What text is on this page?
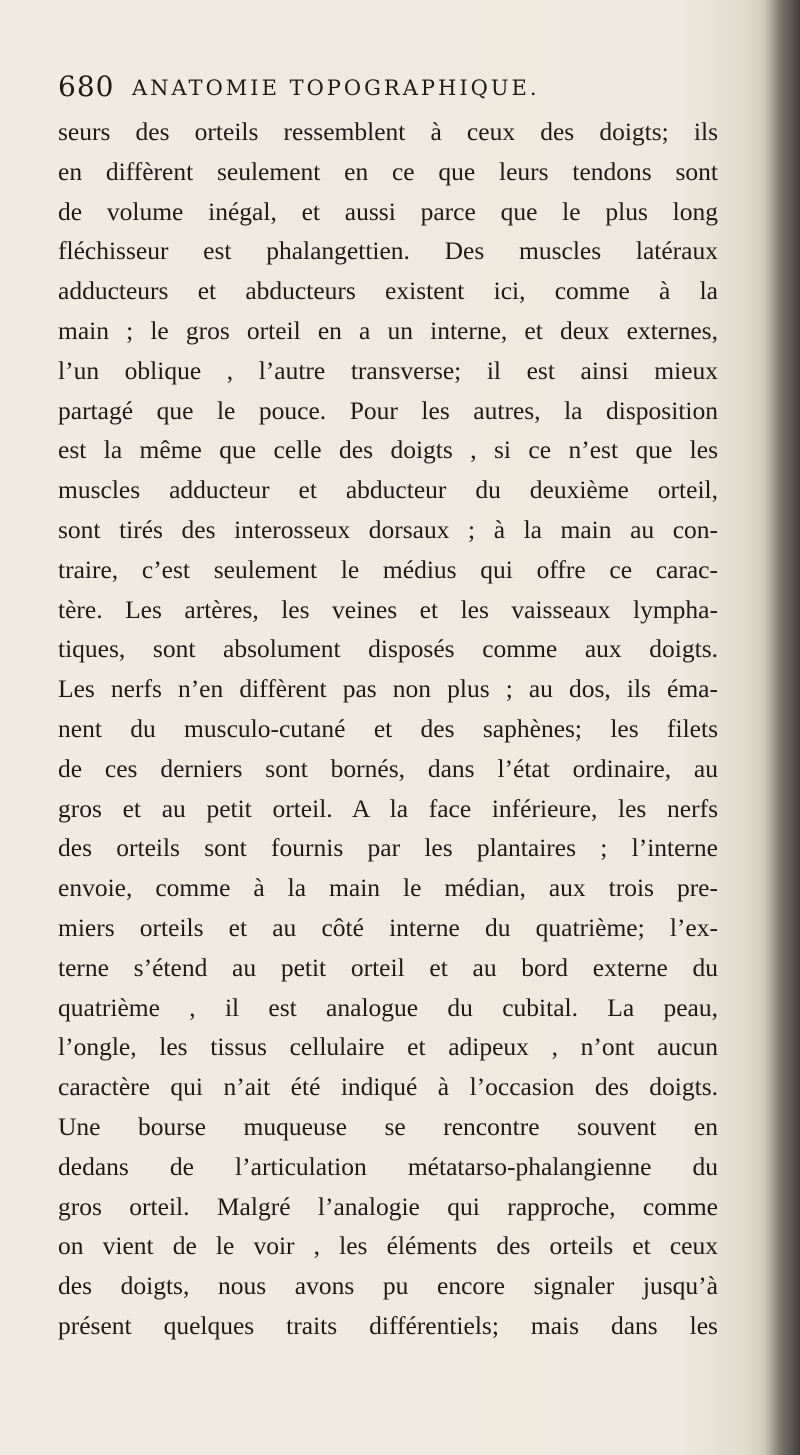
680 ANATOMIE TOPOGRAPHIQUE.
seurs des orteils ressemblent à ceux des doigts; ils
en diffèrent seulement en ce que leurs tendons sont
de volume inégal, et aussi parce que le plus long
fléchisseur est phalangettien. Des muscles latéraux
adducteurs et abducteurs existent ici, comme à la
main ; le gros orteil en a un interne, et deux externes,
l’un oblique , l’autre transverse; il est ainsi mieux
partagé que le pouce. Pour les autres, la disposition
est la même que celle des doigts , si ce n’est que les
muscles adducteur et abducteur du deuxième orteil,
sont tirés des interosseux dorsaux ; à la main au con-
traire, c’est seulement le médius qui offre ce carac-
tère. Les artères, les veines et les vaisseaux lympha-
tiques, sont absolument disposés comme aux doigts.
Les nerfs n’en diffèrent pas non plus ; au dos, ils éma-
nent du musculo-cutané et des saphènes; les filets
de ces derniers sont bornés, dans l’état ordinaire, au
gros et au petit orteil. A la face inférieure, les nerfs
des orteils sont fournis par les plantaires ; l’interne
envoie, comme à la main le médian, aux trois pre-
miers orteils et au côté interne du quatrième; l’ex-
terne s’étend au petit orteil et au bord externe du
quatrième , il est analogue du cubital. La peau,
l’ongle, les tissus cellulaire et adipeux , n’ont aucun
caractère qui n’ait été indiqué à l’occasion des doigts.
Une bourse muqueuse se rencontre souvent en
dedans de l’articulation métatarso-phalangienne du
gros orteil. Malgré l’analogie qui rapproche, comme
on vient de le voir , les éléments des orteils et ceux
des doigts, nous avons pu encore signaler jusqu’à
présent quelques traits différentiels; mais dans les
